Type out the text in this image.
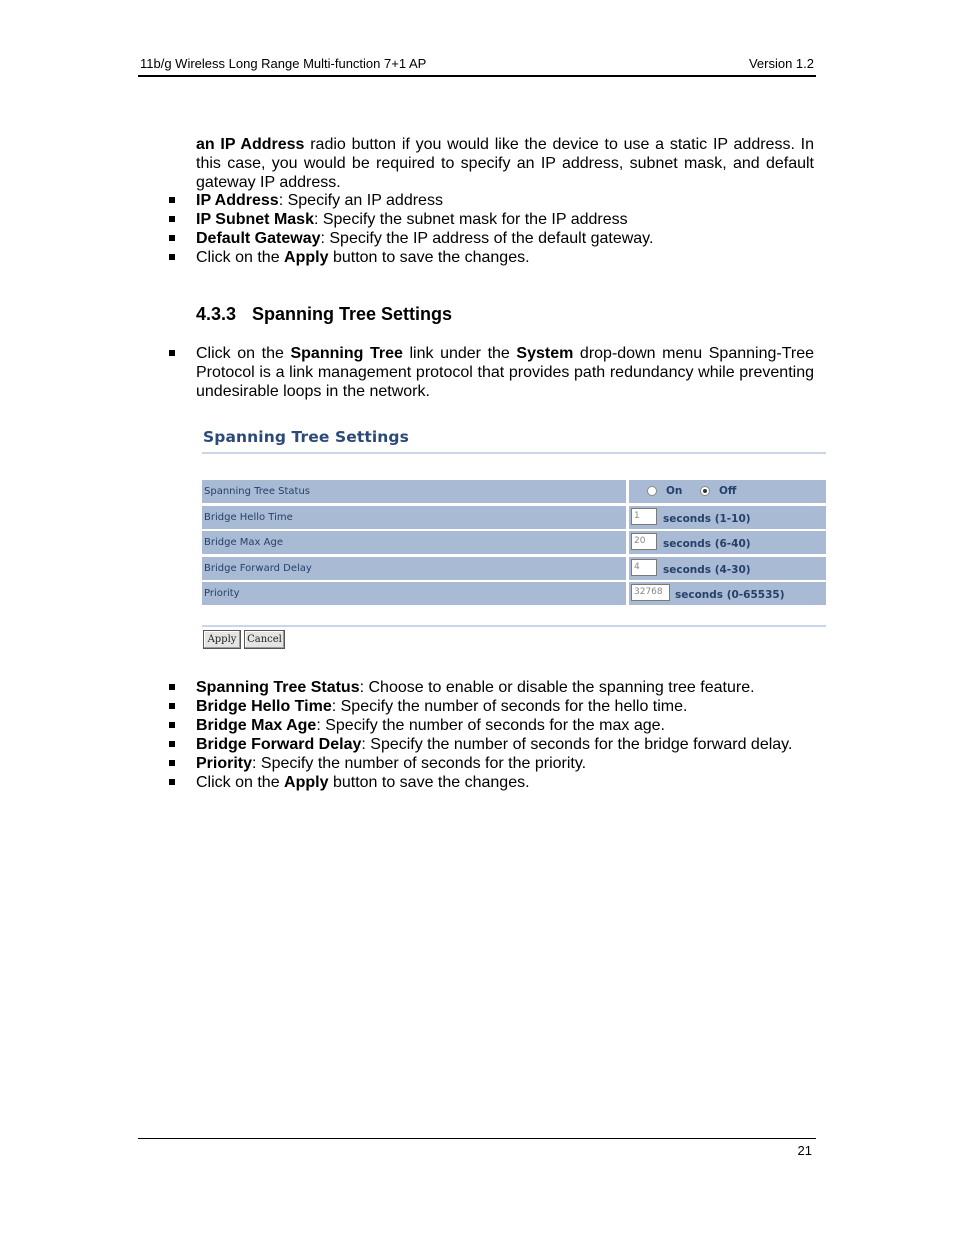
11b/g Wireless Long Range Multi-function 7+1 AP	Version 1.2
an IP Address radio button if you would like the device to use a static IP address. In this case, you would be required to specify an IP address, subnet mask, and default gateway IP address.
IP Address: Specify an IP address
IP Subnet Mask: Specify the subnet mask for the IP address
Default Gateway: Specify the IP address of the default gateway.
Click on the Apply button to save the changes.
4.3.3 Spanning Tree Settings
Click on the Spanning Tree link under the System drop-down menu Spanning-Tree Protocol is a link management protocol that provides path redundancy while preventing undesirable loops in the network.
Spanning Tree Settings
Spanning Tree Status	On	Off
Bridge Hello Time	1	seconds (1-10)
Bridge Max Age	20	seconds (6-40)
Bridge Forward Delay	4	seconds (4-30)
Priority	32768	seconds (0-65535)
Apply	Cancel
Spanning Tree Status: Choose to enable or disable the spanning tree feature.
Bridge Hello Time: Specify the number of seconds for the hello time.
Bridge Max Age: Specify the number of seconds for the max age.
Bridge Forward Delay: Specify the number of seconds for the bridge forward delay.
Priority: Specify the number of seconds for the priority.
Click on the Apply button to save the changes.
21
